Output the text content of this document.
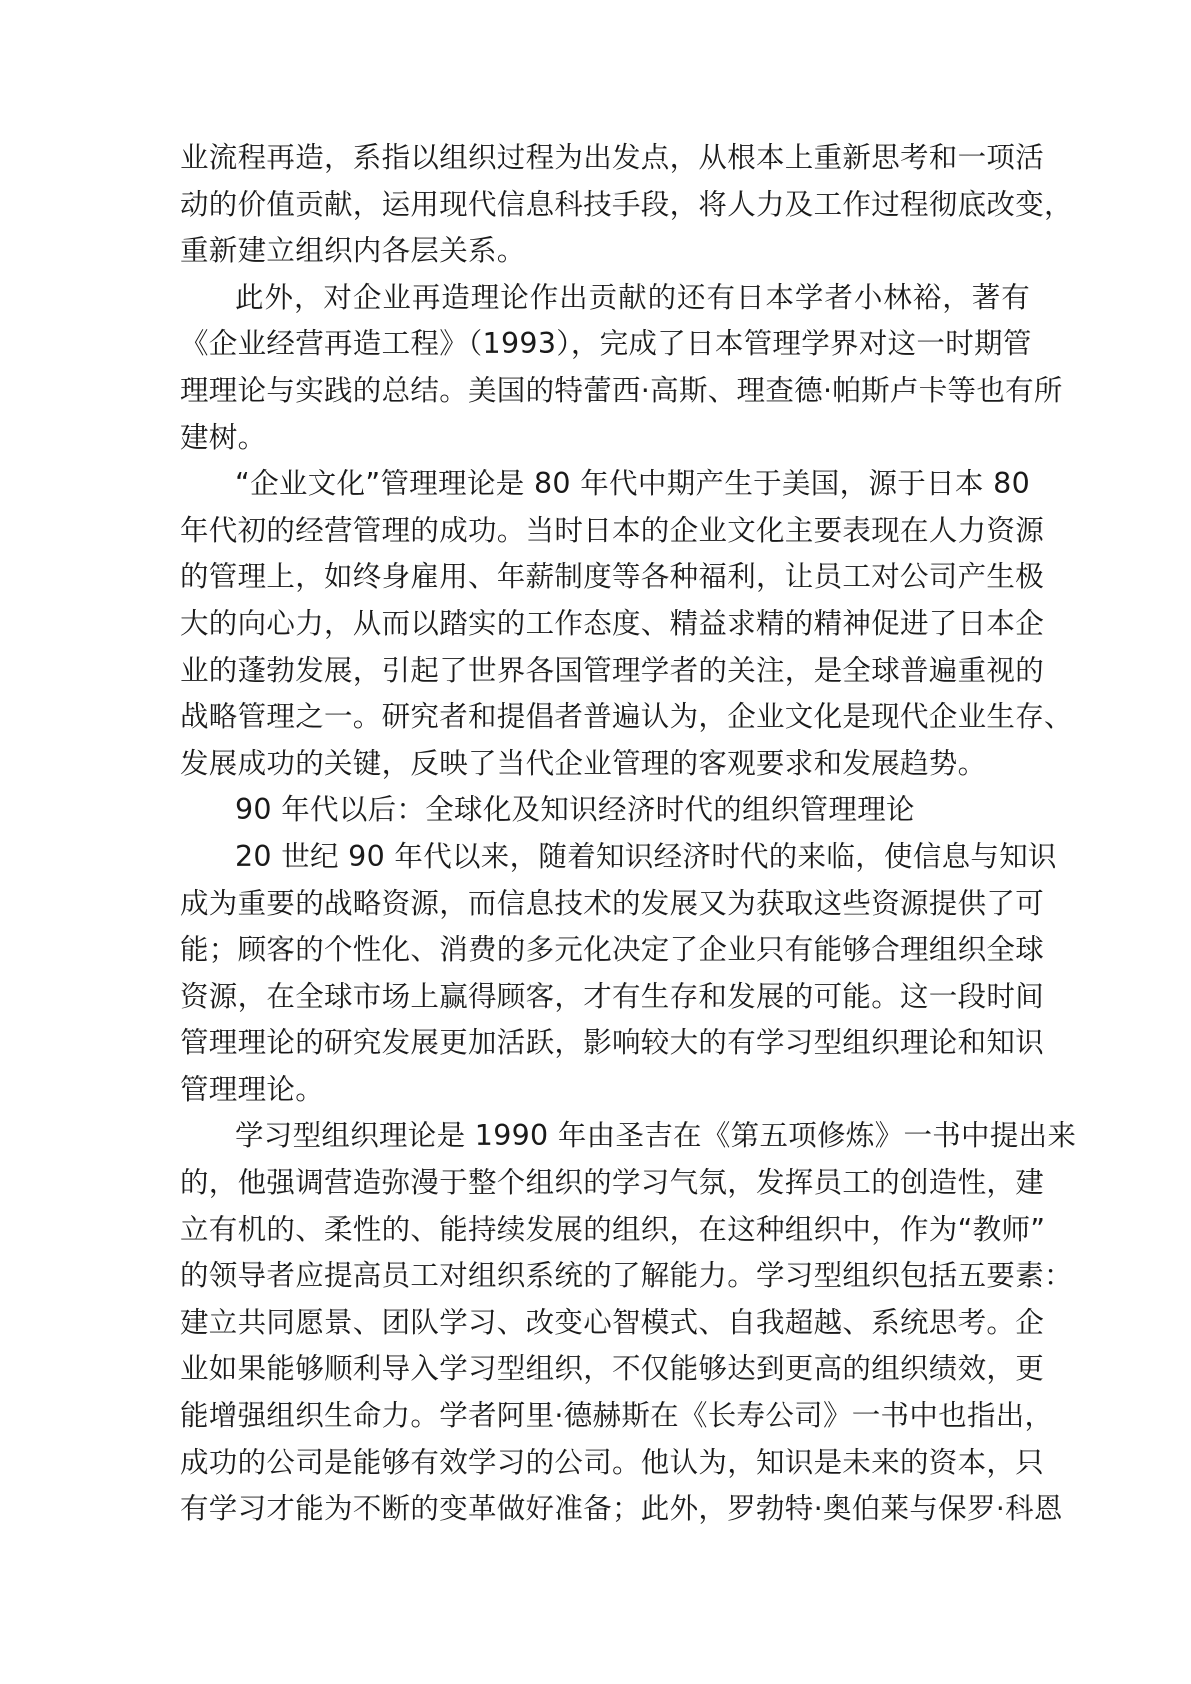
业流程再造，系指以组织过程为出发点，从根本上重新思考和一项活
动的价值贡献，运用现代信息科技手段，将人力及工作过程彻底改变，
重新建立组织内各层关系。
此外，对企业再造理论作出贡献的还有日本学者小林裕，著有
《企业经营再造工程》（1993），完成了日本管理学界对这一时期管
理理论与实践的总结。美国的特蕾西·高斯、理查德·帕斯卢卡等也有所
建树。
“企业文化”管理理论是 80 年代中期产生于美国，源于日本 80
年代初的经营管理的成功。当时日本的企业文化主要表现在人力资源
的管理上，如终身雇用、年薪制度等各种福利，让员工对公司产生极
大的向心力，从而以踏实的工作态度、精益求精的精神促进了日本企
业的蓬勃发展，引起了世界各国管理学者的关注，是全球普遍重视的
战略管理之一。研究者和提倡者普遍认为，企业文化是现代企业生存、
发展成功的关键，反映了当代企业管理的客观要求和发展趋势。
90 年代以后：全球化及知识经济时代的组织管理理论
20 世纪 90 年代以来，随着知识经济时代的来临，使信息与知识
成为重要的战略资源，而信息技术的发展又为获取这些资源提供了可
能；顾客的个性化、消费的多元化决定了企业只有能够合理组织全球
资源，在全球市场上赢得顾客，才有生存和发展的可能。这一段时间
管理理论的研究发展更加活跃，影响较大的有学习型组织理论和知识
管理理论。
学习型组织理论是 1990 年由圣吉在《第五项修炼》一书中提出来
的，他强调营造弥漫于整个组织的学习气氛，发挥员工的创造性，建
立有机的、柔性的、能持续发展的组织，在这种组织中，作为“教师”
的领导者应提高员工对组织系统的了解能力。学习型组织包括五要素：
建立共同愿景、团队学习、改变心智模式、自我超越、系统思考。企
业如果能够顺利导入学习型组织，不仅能够达到更高的组织绩效，更
能增强组织生命力。学者阿里·德赫斯在《长寿公司》一书中也指出，
成功的公司是能够有效学习的公司。他认为，知识是未来的资本，只
有学习才能为不断的变革做好准备；此外，罗勃特·奥伯莱与保罗·科恩
